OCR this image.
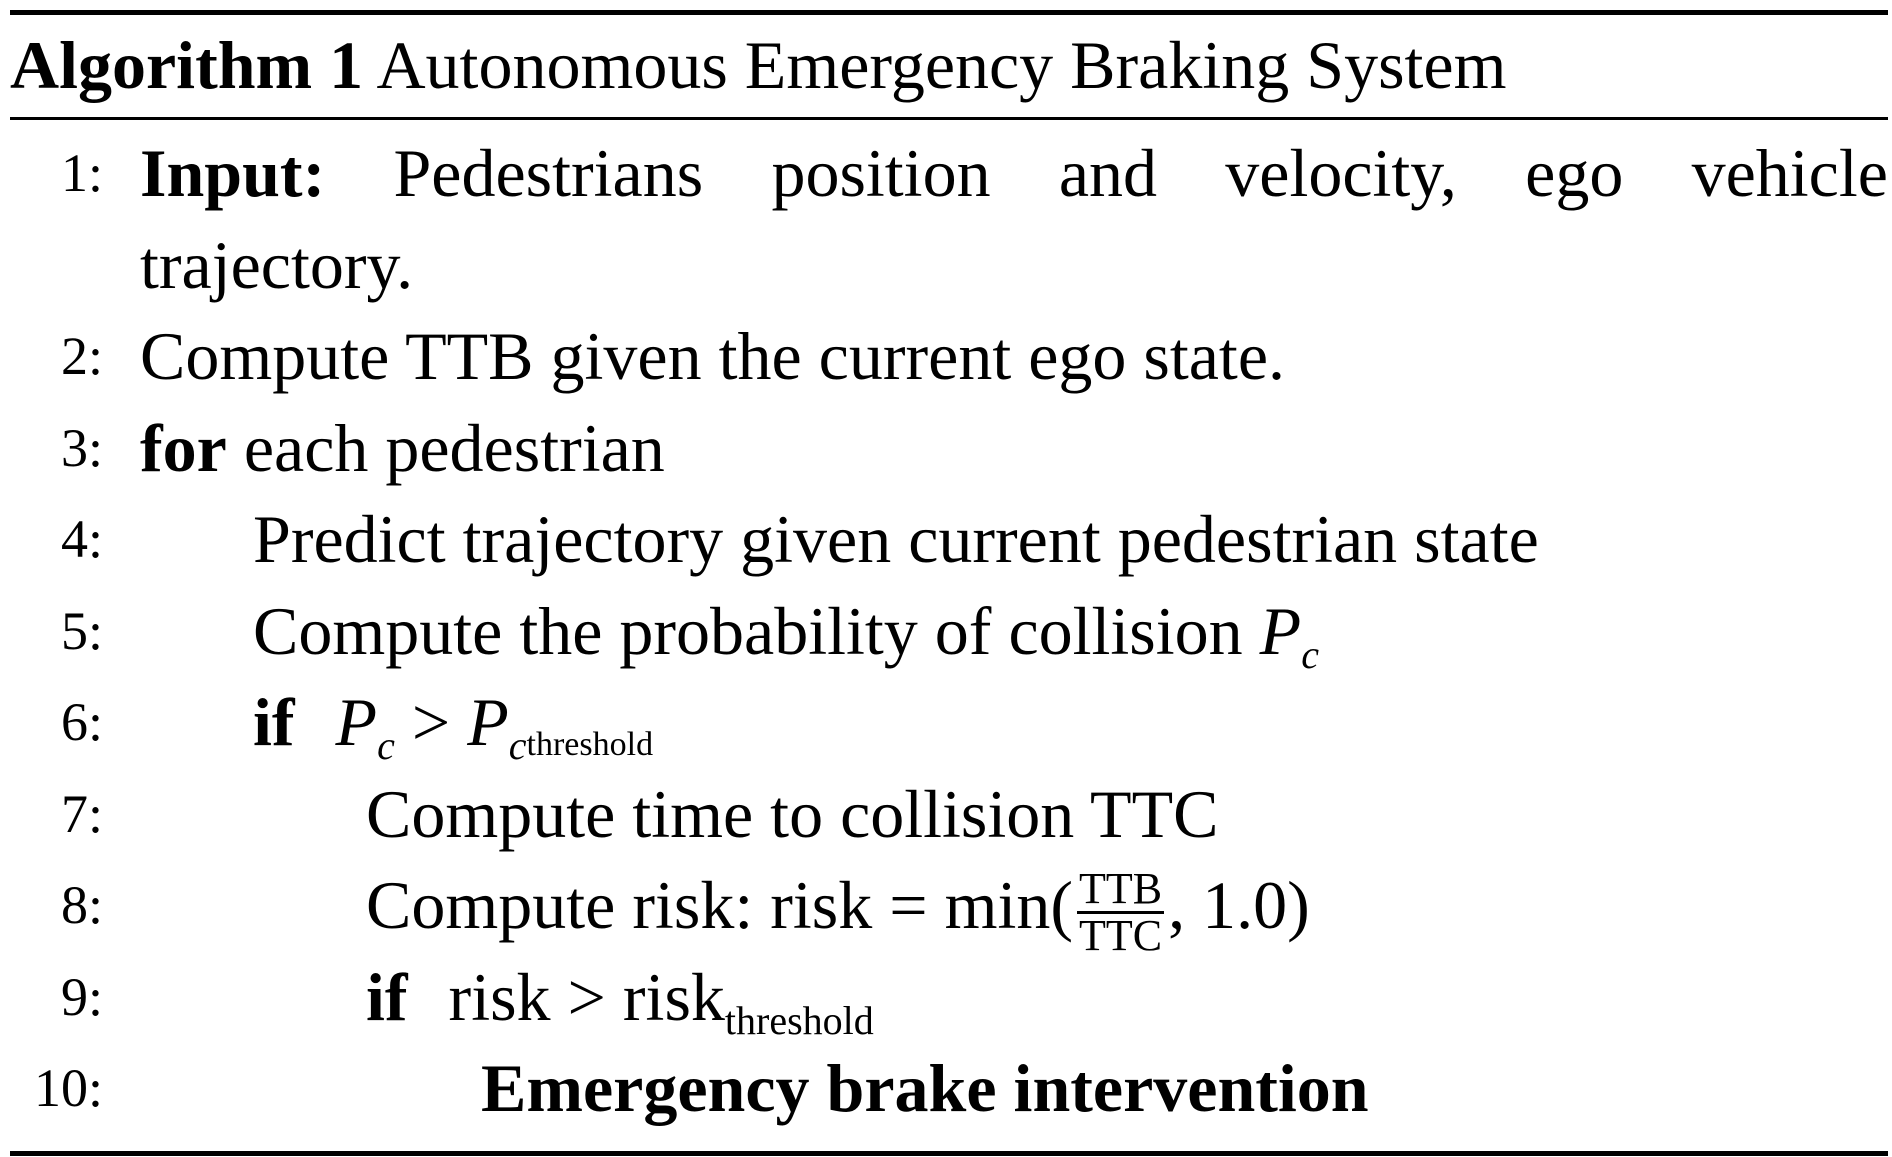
Algorithm 1 Autonomous Emergency Braking System
1: Input: Pedestrians position and velocity, ego vehicle
trajectory.
2: Compute TTB given the current ego state.
3: for each pedestrian
4: Predict trajectory given current pedestrian state
5: Compute the probability of collision $P_c$
6: if $P_c$ > $P_cthreshold$
7:	Compute time to collision TTC
8:	Compute risk: risk = $\min( \frac{\text{TTB}}{\text{TTC}}$ , 1.0)
9:	if risk > risk$_{threshold}$
10:	Emergency brake intervention
